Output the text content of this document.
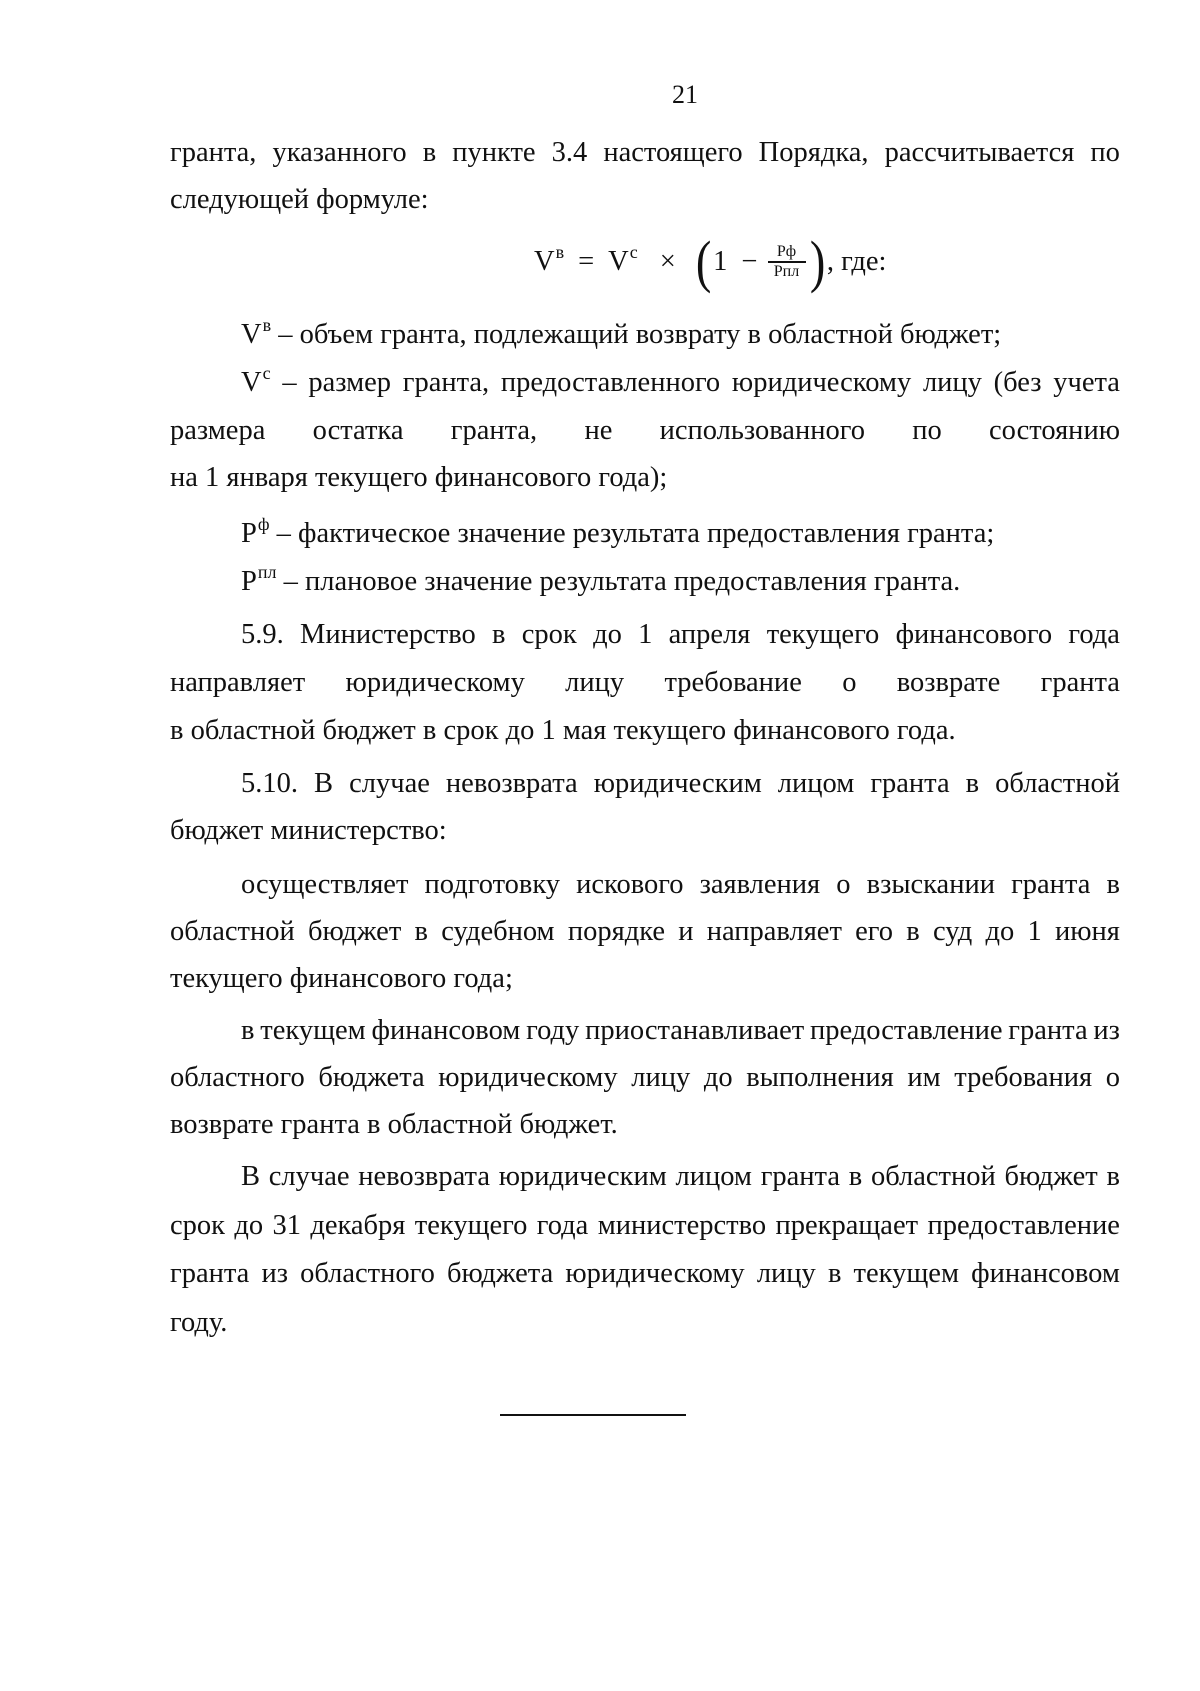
21
гранта, указанного в пункте 3.4 настоящего Порядка, рассчитывается по
следующей формуле:
$V^в = V^с$ × ( $1 - \frac{Рф}{\text{Рпл}}$ ) , где:
$V^в$ – объем гранта, подлежащий возврату в областной бюджет;
$V^с$ – размер гранта, предоставленного юридическому лицу (без учета
размера остатка гранта, не использованного по состоянию
на 1 января текущего финансового года);
$Р^ф$ – фактическое значение результата предоставления гранта;
$Р^{пл}$ – плановое значение результата предоставления гранта.
5.9. Министерство в срок до 1 апреля текущего финансового года
направляет юридическому лицу требование о возврате гранта
в областной бюджет в срок до 1 мая текущего финансового года.
5.10. В случае невозврата юридическим лицом гранта в областной
бюджет министерство:
осуществляет подготовку искового заявления о взыскании гранта в
областной бюджет в судебном порядке и направляет его в суд до 1 июня
текущего финансового года;
в текущем финансовом году приостанавливает предоставление гранта из
областного бюджета юридическому лицу до выполнения им требования о
возврате гранта в областной бюджет.
В случае невозврата юридическим лицом гранта в областной бюджет в
срок до 31 декабря текущего года министерство прекращает предоставление
гранта из областного бюджета юридическому лицу в текущем финансовом
году.
